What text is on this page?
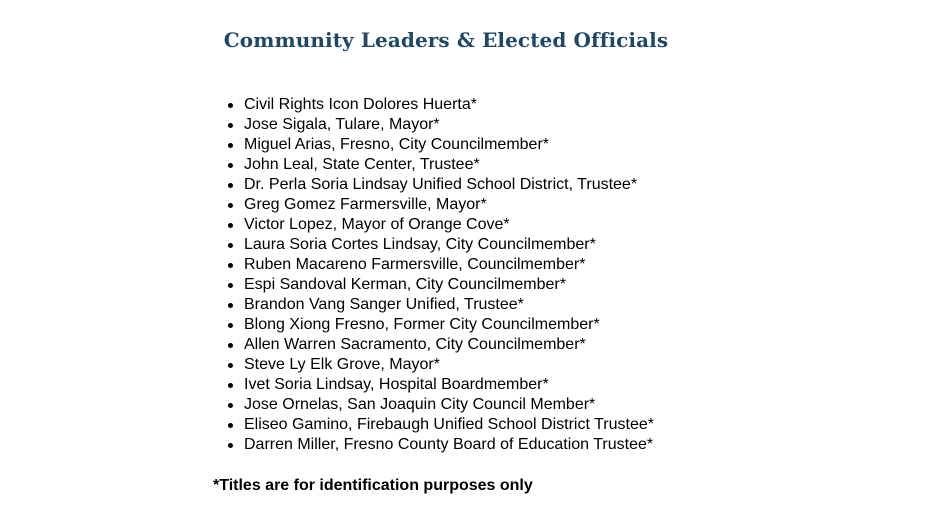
Community Leaders & Elected Officials
Civil Rights Icon Dolores Huerta*
Jose Sigala, Tulare, Mayor*
Miguel Arias, Fresno, City Councilmember*
John Leal, State Center, Trustee*
Dr. Perla Soria Lindsay Unified School District, Trustee*
Greg Gomez Farmersville, Mayor*
Victor Lopez, Mayor of Orange Cove*
Laura Soria Cortes Lindsay, City Councilmember*
Ruben Macareno Farmersville, Councilmember*
Espi Sandoval Kerman, City Councilmember*
Brandon Vang Sanger Unified, Trustee*
Blong Xiong Fresno, Former City Councilmember*
Allen Warren Sacramento, City Councilmember*
Steve Ly Elk Grove, Mayor*
Ivet Soria Lindsay, Hospital Boardmember*
Jose Ornelas, San Joaquin City Council Member*
Eliseo Gamino, Firebaugh Unified School District Trustee*
Darren Miller, Fresno County Board of Education Trustee*

*Titles are for identification purposes only
